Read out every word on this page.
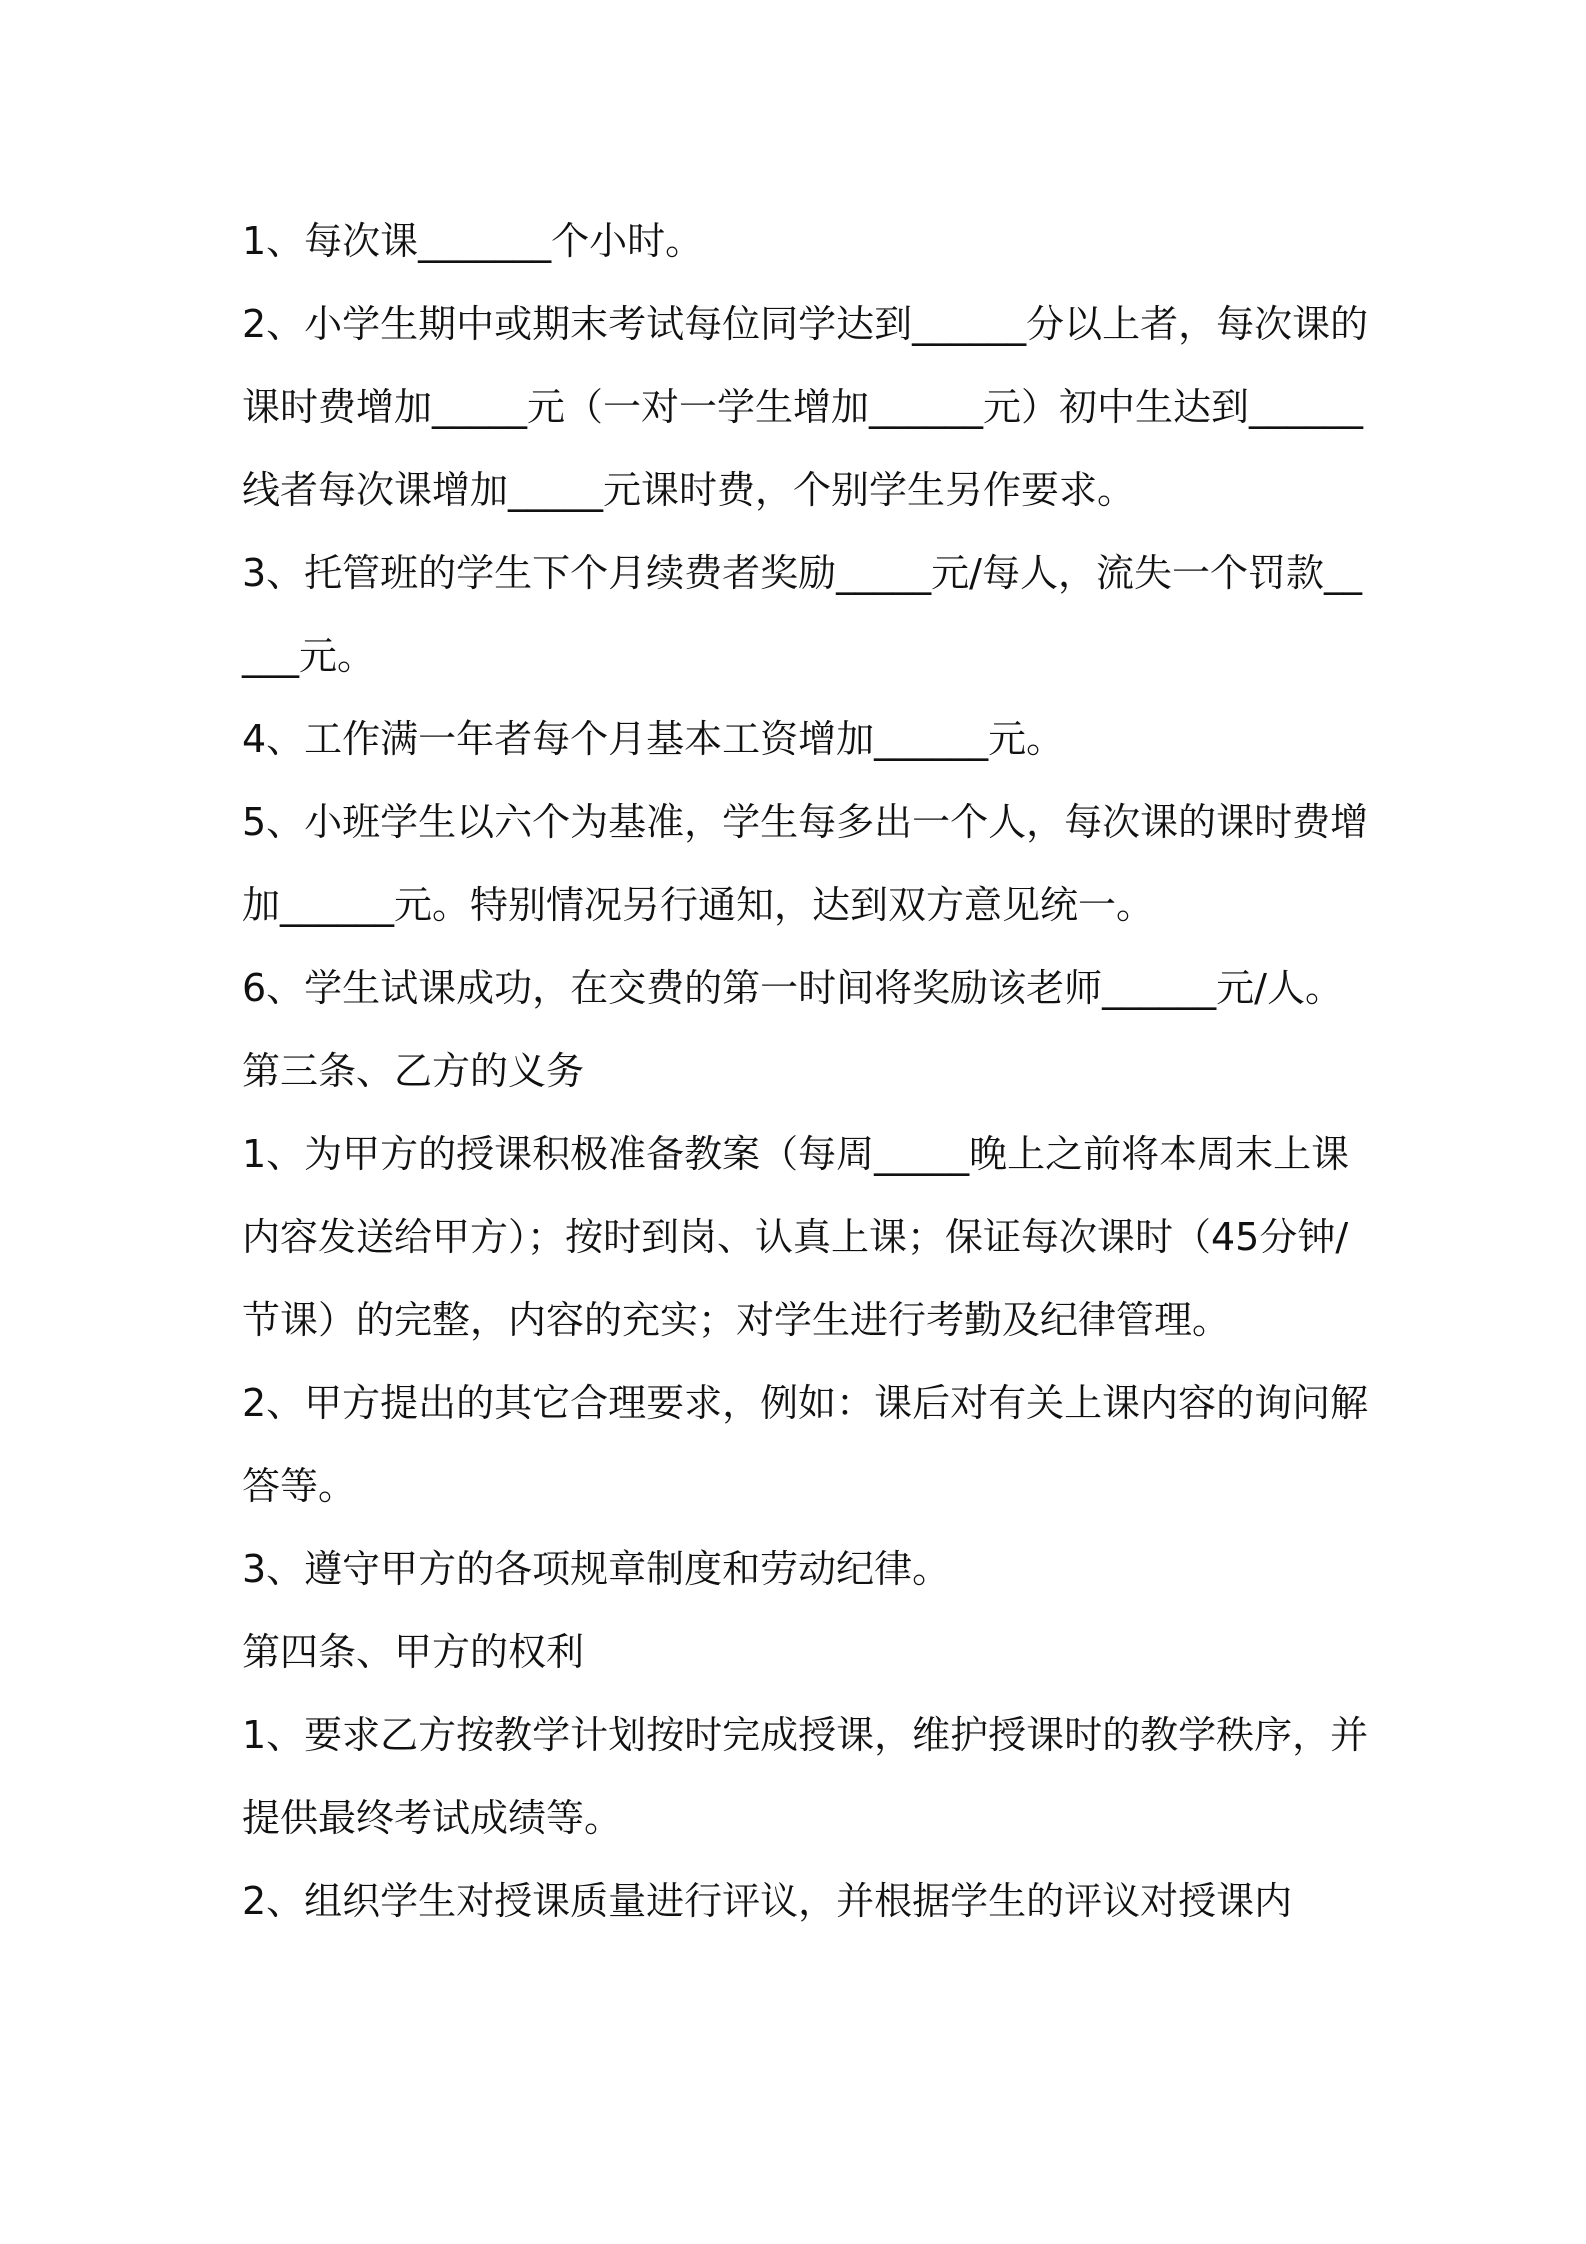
1、每次课_______个小时。

2、小学生期中或期末考试每位同学达到______分以上者，每次课的课时费增加_____元（一对一学生增加______元）初中生达到______线者每次课增加_____元课时费，个别学生另作要求。

3、托管班的学生下个月续费者奖励_____元/每人，流失一个罚款_____元。

4、工作满一年者每个月基本工资增加______元。

5、小班学生以六个为基准，学生每多出一个人，每次课的课时费增加______元。特别情况另行通知，达到双方意见统一。

6、学生试课成功，在交费的第一时间将奖励该老师______元/人。

第三条、乙方的义务

1、为甲方的授课积极准备教案（每周_____晚上之前将本周末上课内容发送给甲方）；按时到岗、认真上课；保证每次课时（45分钟/节课）的完整，内容的充实；对学生进行考勤及纪律管理。

2、甲方提出的其它合理要求，例如：课后对有关上课内容的询问解答等。

3、遵守甲方的各项规章制度和劳动纪律。

第四条、甲方的权利

1、要求乙方按教学计划按时完成授课，维护授课时的教学秩序，并提供最终考试成绩等。

2、组织学生对授课质量进行评议，并根据学生的评议对授课内
